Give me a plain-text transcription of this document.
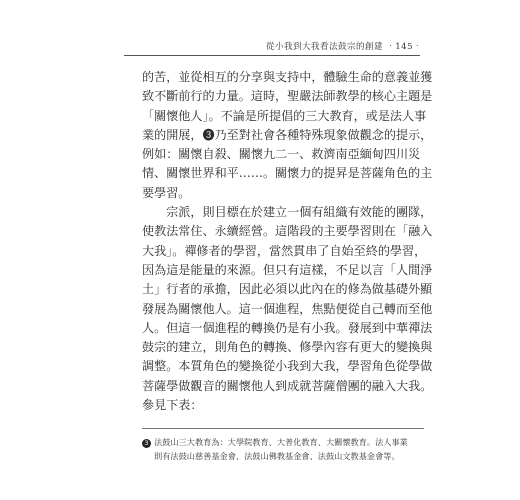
從小我到大我看法鼓宗的創建 ‧145‧
的苦，並從相互的分享與支持中，體驗生命的意義並獲
致不斷前行的力量。這時，聖嚴法師教學的核心主題是
「關懷他人」。不論是所提倡的三大教育，或是法人事
業的開展，❸乃至對社會各種特殊現象做觀念的提示，
例如：關懷自殺、關懷九二一、救濟南亞緬甸四川災
情、關懷世界和平……。關懷力的提昇是菩薩角色的主
要學習。
　　宗派，則目標在於建立一個有組織有效能的團隊，
使教法常住、永續經營。這階段的主要學習則在「融入
大我」。禪修者的學習，當然貫串了自始至終的學習，
因為這是能量的來源。但只有這樣，不足以言「人間淨
土」行者的承擔，因此必須以此內在的修為做基礎外顯
發展為關懷他人。這一個進程，焦點便從自己轉而至他
人。但這一個進程的轉換仍是有小我。發展到中華禪法
鼓宗的建立，則角色的轉換、修學內容有更大的變換與
調整。本質角色的變換從小我到大我，學習角色從學做
菩薩學做觀音的關懷他人到成就菩薩僧團的融入大我。
參見下表：
3 法鼓山三大教育為：大學院教育、大普化教育、大關懷教育。法人事業
則有法鼓山慈善基金會、法鼓山佛教基金會、法鼓山文教基金會等。
